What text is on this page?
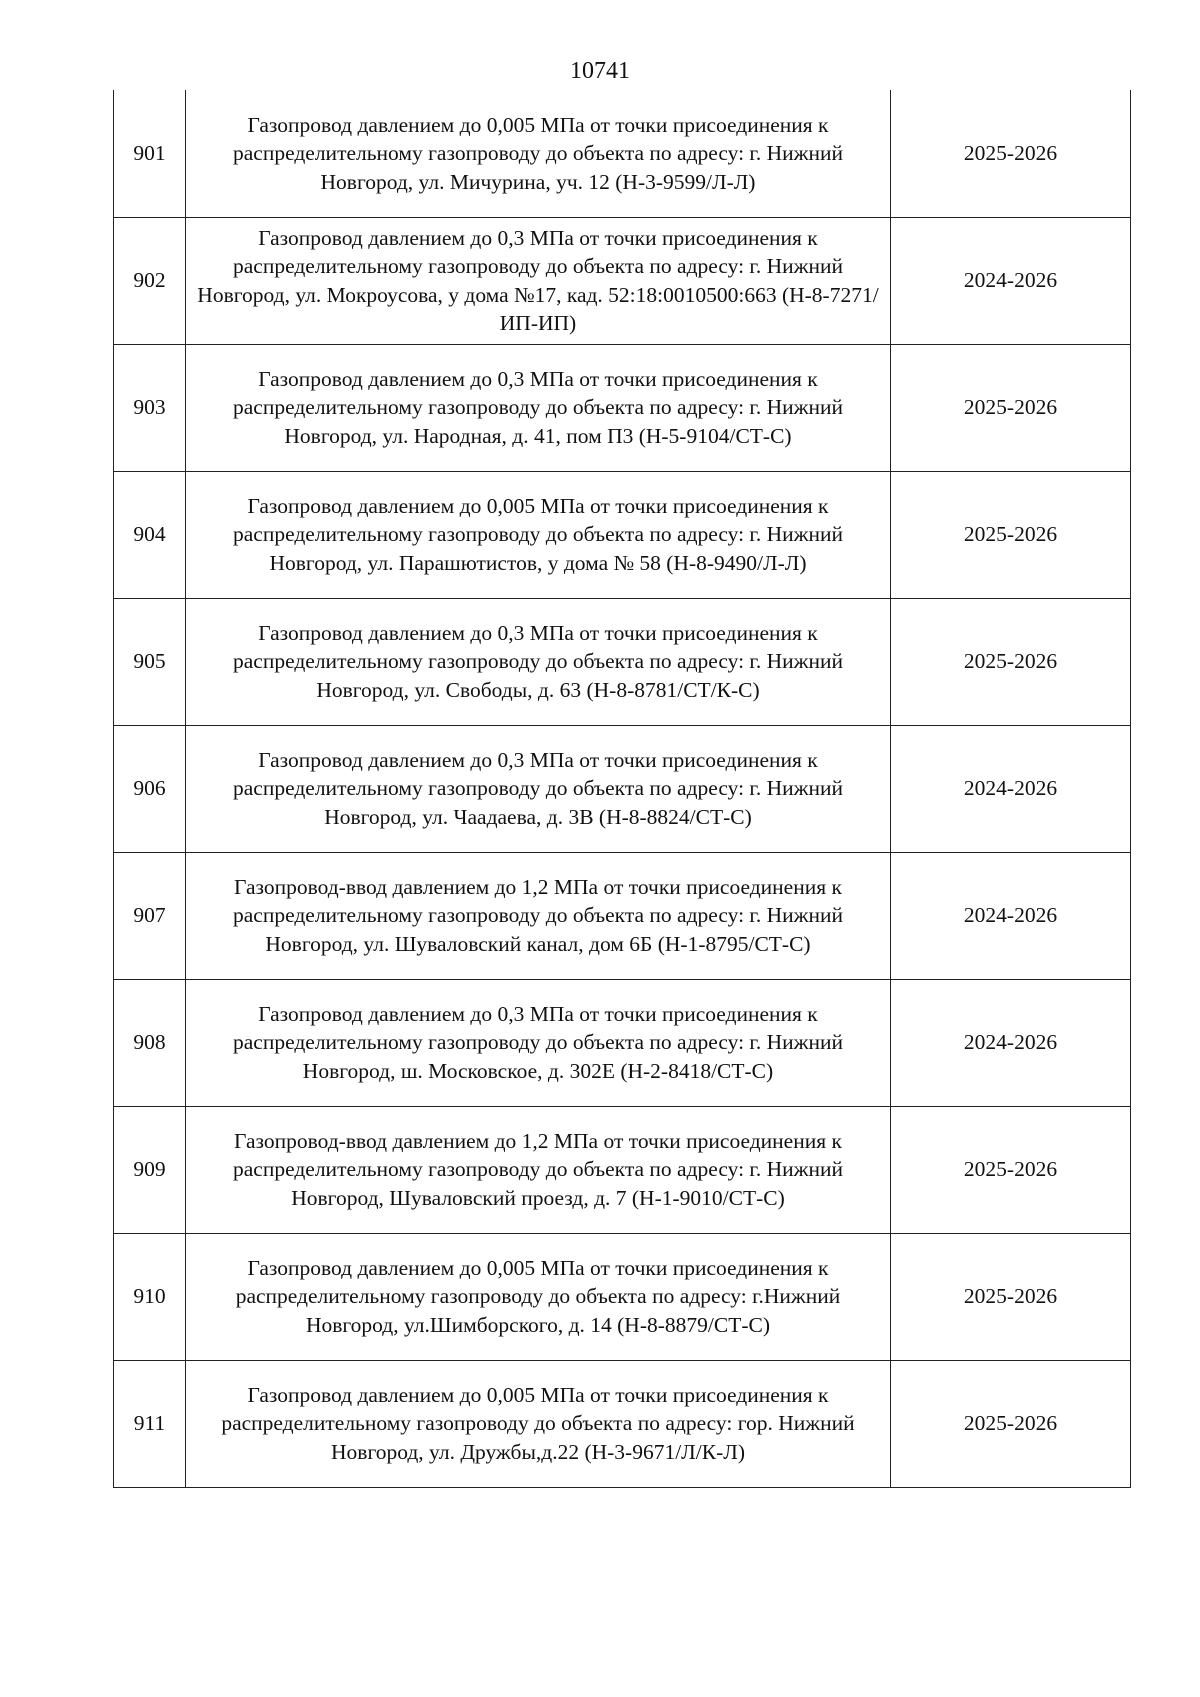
10741
901	Газопровод давлением до 0,005 МПа от точки присоединения к распределительному газопроводу до объекта по адресу: г. Нижний Новгород, ул. Мичурина, уч. 12 (Н-3-9599/Л-Л)	2025-2026
902	Газопровод давлением до 0,3 МПа от точки присоединения к распределительному газопроводу до объекта по адресу: г. Нижний Новгород, ул. Мокроусова, у дома №17, кад. 52:18:0010500:663 (Н-8-7271/ИП-ИП)	2024-2026
903	Газопровод давлением до 0,3 МПа от точки присоединения к распределительному газопроводу до объекта по адресу: г. Нижний Новгород, ул. Народная, д. 41, пом П3 (Н-5-9104/СТ-С)	2025-2026
904	Газопровод давлением до 0,005 МПа от точки присоединения к распределительному газопроводу до объекта по адресу: г. Нижний Новгород, ул. Парашютистов, у дома № 58 (Н-8-9490/Л-Л)	2025-2026
905	Газопровод давлением до 0,3 МПа от точки присоединения к распределительному газопроводу до объекта по адресу: г. Нижний Новгород, ул. Свободы, д. 63 (Н-8-8781/СТ/К-С)	2025-2026
906	Газопровод давлением до 0,3 МПа от точки присоединения к распределительному газопроводу до объекта по адресу: г. Нижний Новгород, ул. Чаадаева, д. 3В (Н-8-8824/СТ-С)	2024-2026
907	Газопровод-ввод давлением до 1,2 МПа от точки присоединения к распределительному газопроводу до объекта по адресу: г. Нижний Новгород, ул. Шуваловский канал, дом 6Б (Н-1-8795/СТ-С)	2024-2026
908	Газопровод давлением до 0,3 МПа от точки присоединения к распределительному газопроводу до объекта по адресу: г. Нижний Новгород, ш. Московское, д. 302Е (Н-2-8418/СТ-С)	2024-2026
909	Газопровод-ввод давлением до 1,2 МПа от точки присоединения к распределительному газопроводу до объекта по адресу: г. Нижний Новгород, Шуваловский проезд, д. 7 (Н-1-9010/СТ-С)	2025-2026
910	Газопровод давлением до 0,005 МПа от точки присоединения к распределительному газопроводу до объекта по адресу: г.Нижний Новгород, ул.Шимборского, д. 14 (Н-8-8879/СТ-С)	2025-2026
911	Газопровод давлением до 0,005 МПа от точки присоединения к распределительному газопроводу до объекта по адресу: гор. Нижний Новгород, ул. Дружбы,д.22 (Н-3-9671/Л/К-Л)	2025-2026
